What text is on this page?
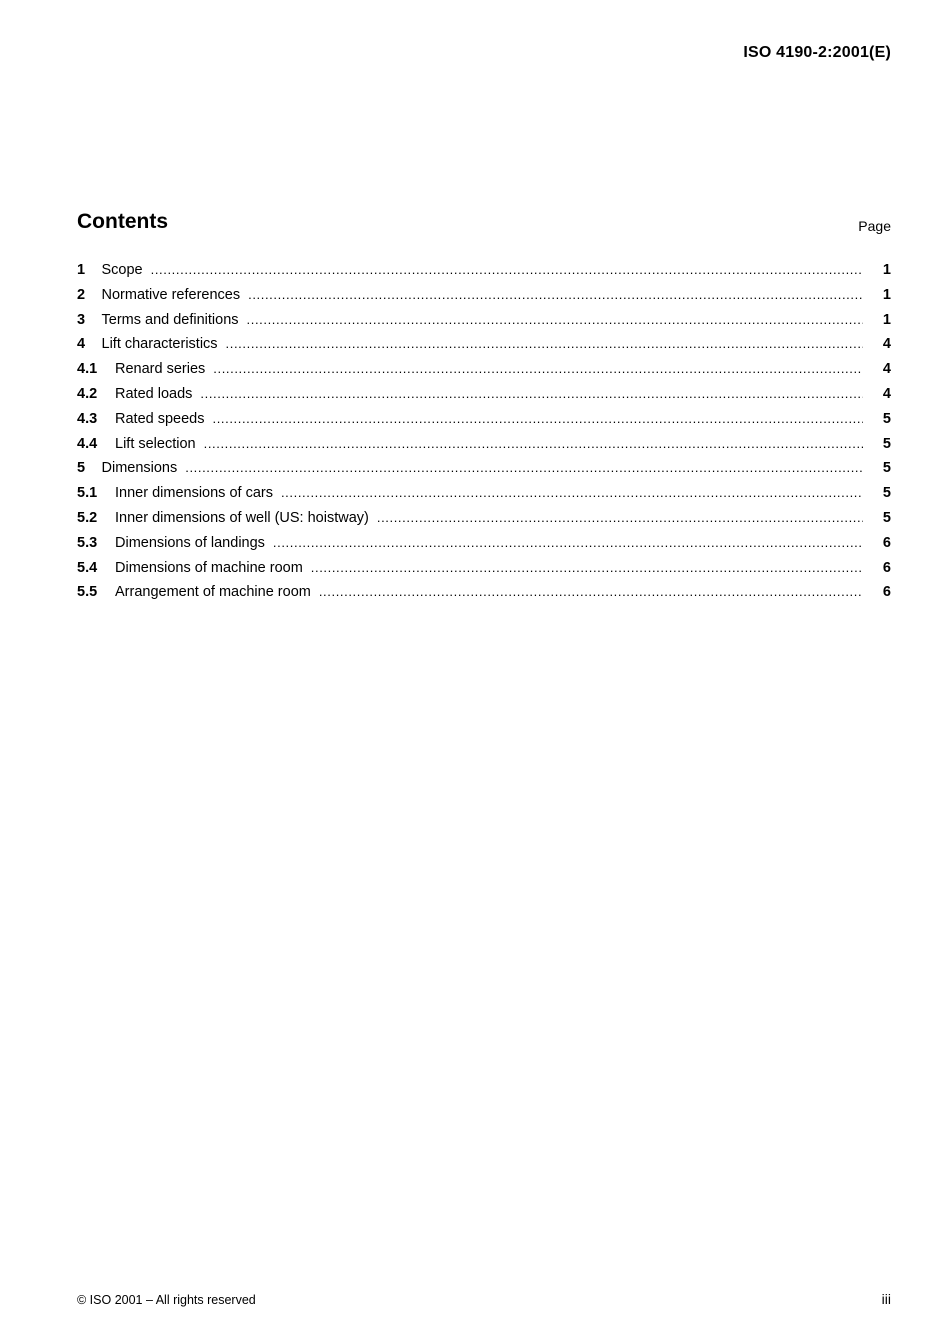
ISO 4190-2:2001(E)
Contents	Page
1	Scope .....	1
2	Normative references .....	1
3	Terms and definitions .....	1
4	Lift characteristics .....	4
4.1	Renard series .....	4
4.2	Rated loads .....	4
4.3	Rated speeds .....	5
4.4	Lift selection .....	5
5	Dimensions .....	5
5.1	Inner dimensions of cars .....	5
5.2	Inner dimensions of well (US: hoistway) .....	5
5.3	Dimensions of landings .....	6
5.4	Dimensions of machine room .....	6
5.5	Arrangement of machine room .....	6
© ISO 2001 – All rights reserved	iii
